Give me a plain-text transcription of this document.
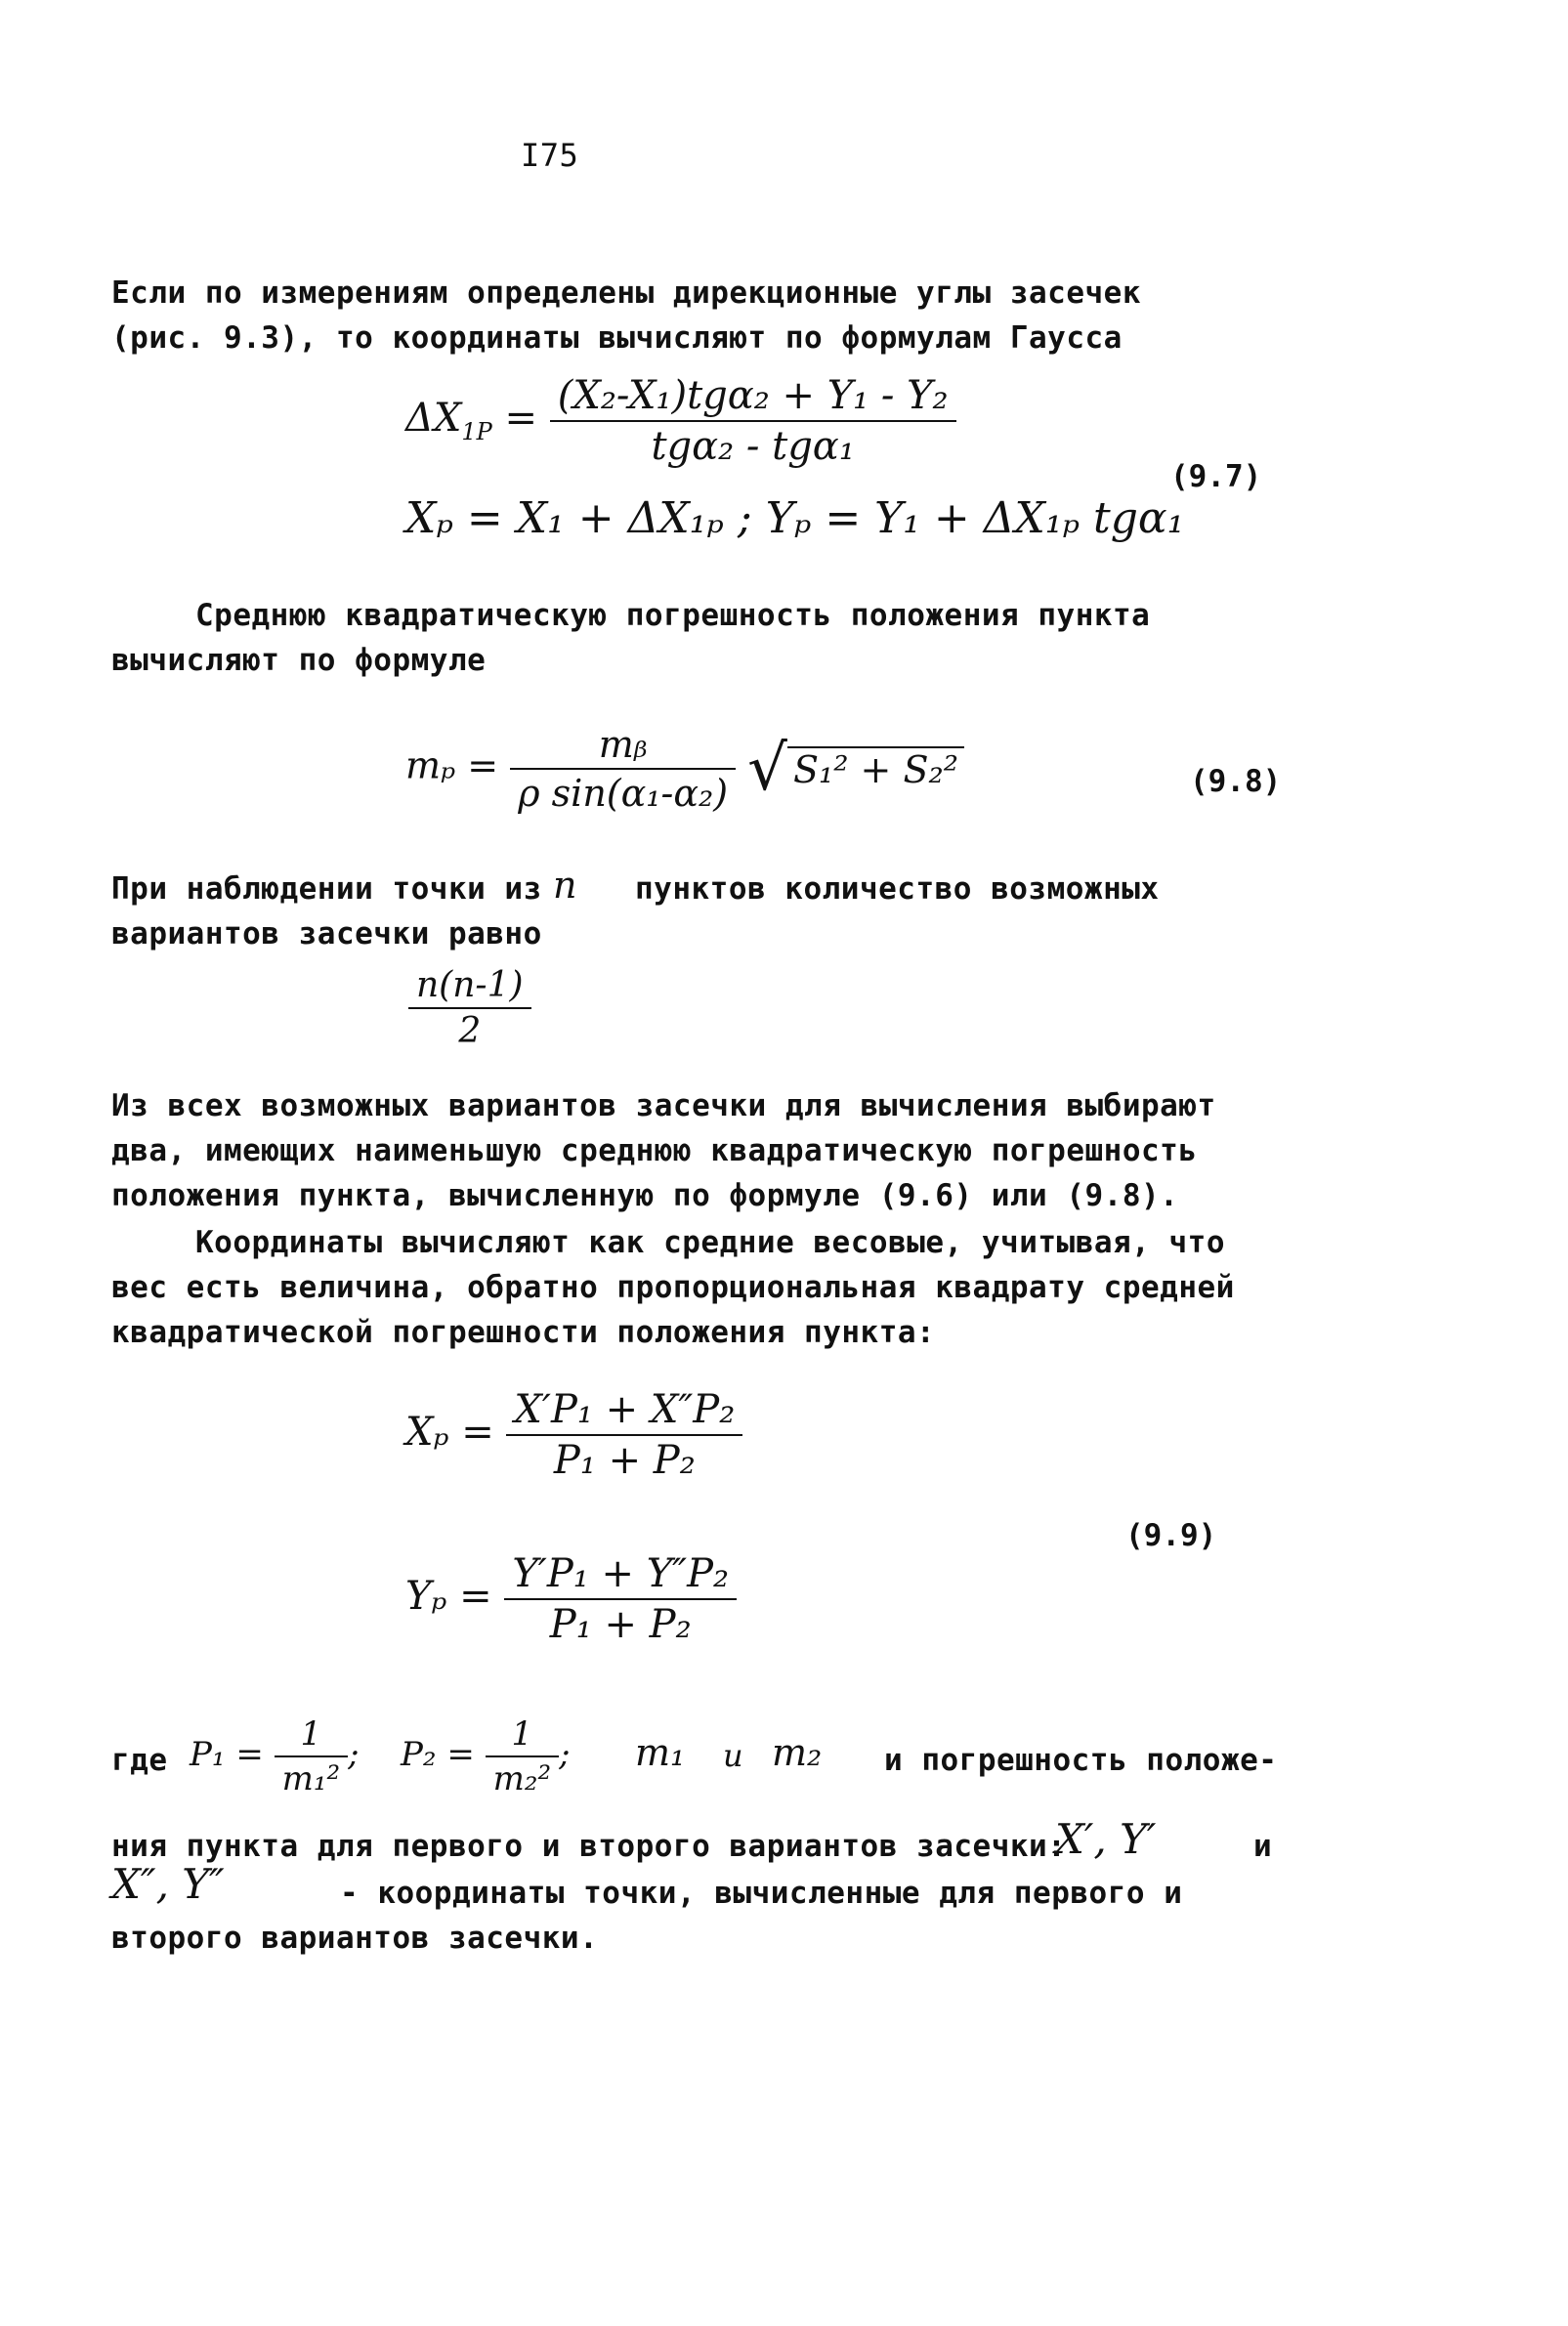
I75
Если по измерениям определены дирекционные углы засечек
(рис. 9.3), то координаты вычисляют по формулам Гаусса
$\Delta X_{1P} = \frac{\text{(X₂-X₁)tgα₂ + Y₁ - Y₂}}{\text{tgα₂ - tgα₁}}$
Xₚ = X₁ + ΔX₁ₚ ; Yₚ = Y₁ + ΔX₁ₚ tgα₁
(9.7)
Среднюю квадратическую погрешность положения пункта
вычисляют по формуле
$m_p = \frac{\text{mᵦ}}{\text{ρ sin(α₁-α₂)}}$ √ S₁² + S₂²	(9.8)
При наблюдении точки из n пунктов количество возможных
вариантов засечки равно
$\frac{n(n-1)}{2}$
Из всех возможных вариантов засечки для вычисления выбирают
два, имеющих наименьшую среднюю квадратическую погрешность
положения пункта, вычисленную по формуле (9.6) или (9.8).
Координаты вычисляют как средние весовые, учитывая, что
вес есть величина, обратно пропорциональная квадрату средней
квадратической погрешности положения пункта:
$X_p = \frac{\text{X′P₁ + X″P₂}}{\text{P₁ + P₂}}$
(9.9)
$Y_p = \frac{\text{Y′P₁ + Y″P₂}}{\text{P₁ + P₂}}$
где $P_1 = \frac{1}{\text{m₁²}}$ ; $P_2 = \frac{1}{\text{m₂²}}$ ; m₁ и m₂ и погрешность положе-
ния пункта для первого и второго вариантов засечки:
X′, Y′	и
X″, Y″	- координаты точки, вычисленные для первого и
второго вариантов засечки.
